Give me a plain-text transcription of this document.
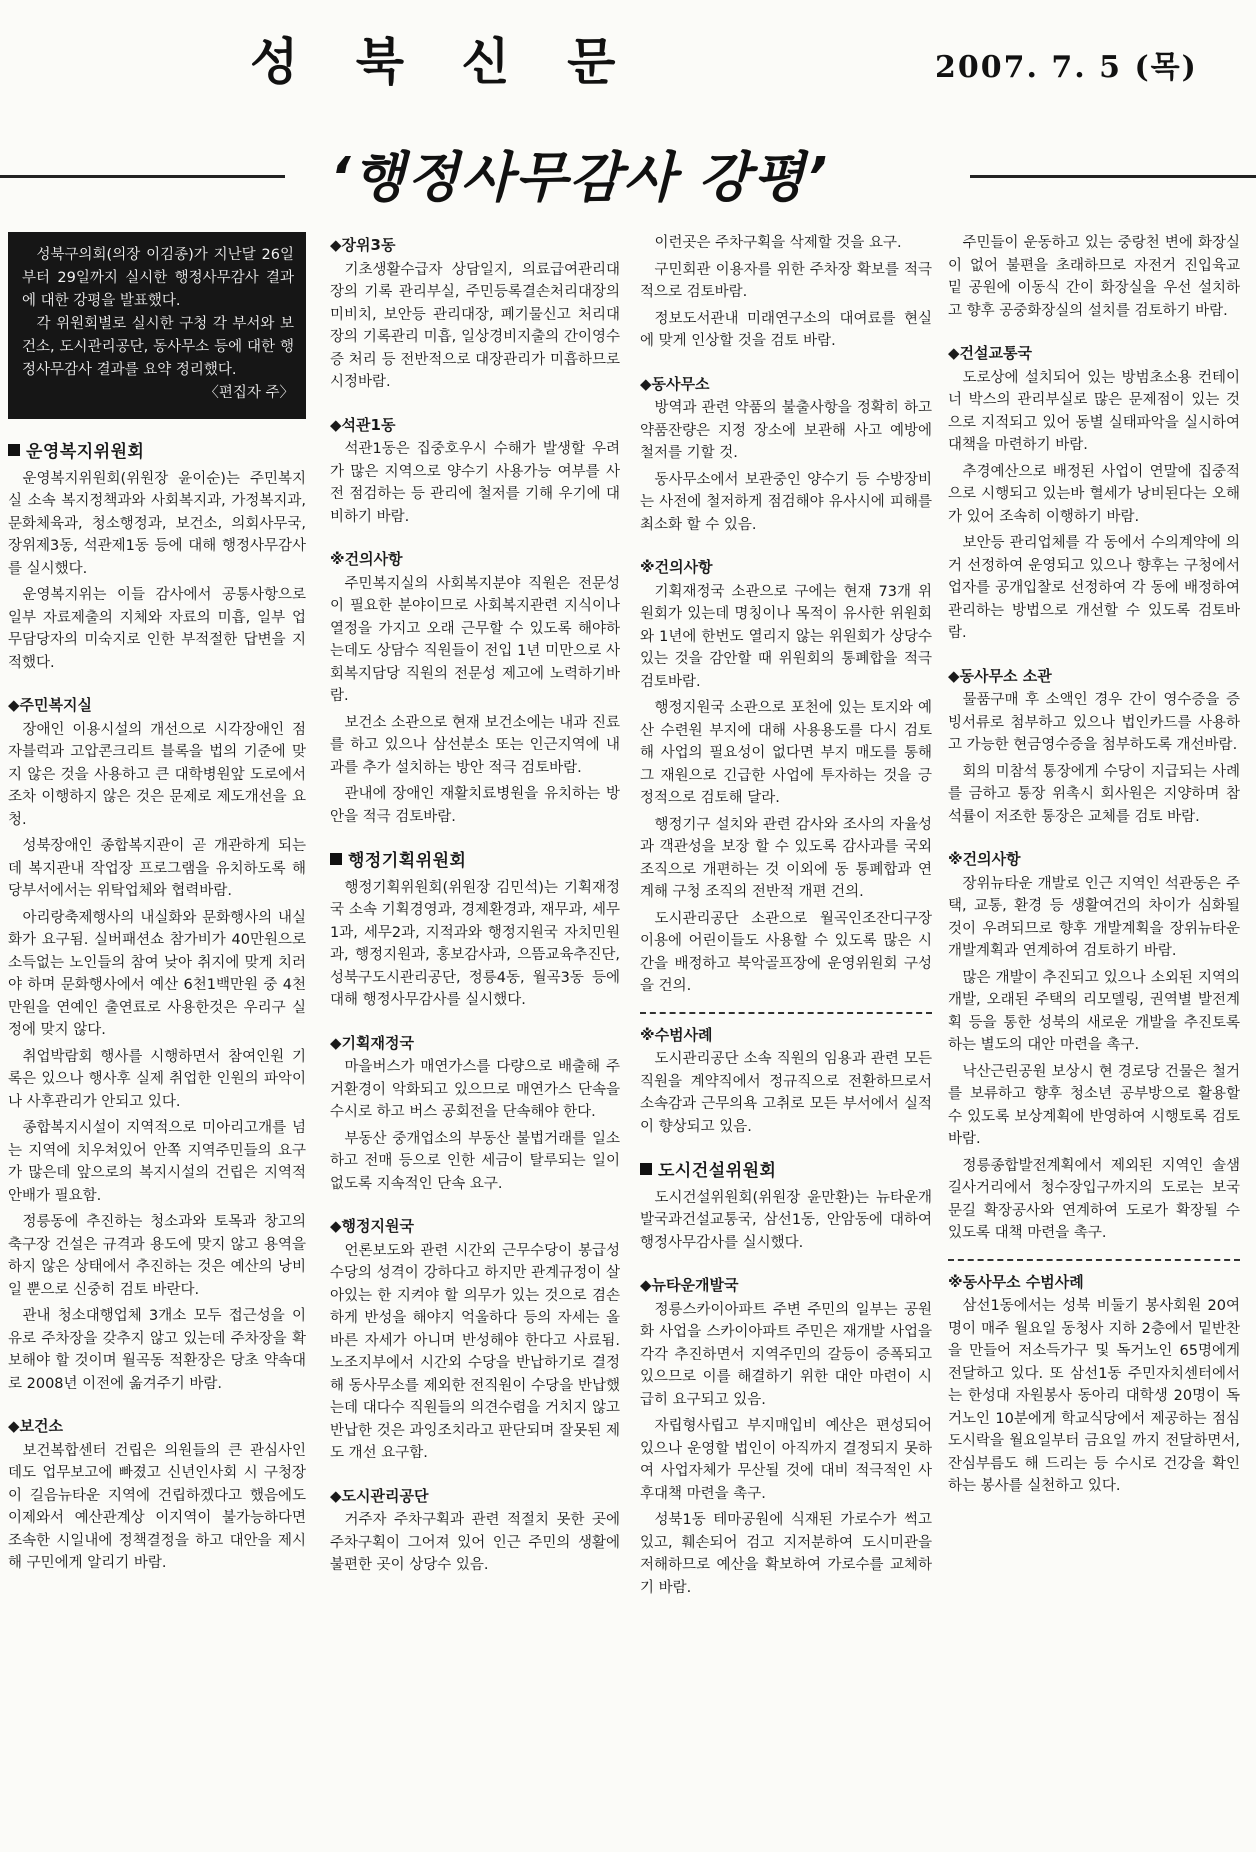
성 북 신 문	2007. 7. 5 (목)
‘행정사무감사 강평’

성북구의회(의장 이김종)가 지난달 26일부터 29일까지 실시한 행정사무감사 결과에 대한 강평을 발표했다.

각 위원회별로 실시한 구청 각 부서와 보건소, 도시관리공단, 동사무소 등에 대한 행정사무감사 결과를 요약 정리했다.

〈편집자 주〉
운영복지위원회

운영복지위원회(위원장 윤이순)는 주민복지실 소속 복지정책과와 사회복지과, 가정복지과, 문화체육과, 청소행정과, 보건소, 의회사무국, 장위제3동, 석관제1동 등에 대해 행정사무감사를 실시했다.

운영복지위는 이들 감사에서 공통사항으로 일부 자료제출의 지체와 자료의 미흡, 일부 업무담당자의 미숙지로 인한 부적절한 답변을 지적했다.

◆주민복지실

장애인 이용시설의 개선으로 시각장애인 점자블럭과 고압콘크리트 블록을 법의 기준에 맞지 않은 것을 사용하고 큰 대학병원앞 도로에서 조차 이행하지 않은 것은 문제로 제도개선을 요청.

성북장애인 종합복지관이 곧 개관하게 되는데 복지관내 작업장 프로그램을 유치하도록 해당부서에서는 위탁업체와 협력바람.

아리랑축제행사의 내실화와 문화행사의 내실화가 요구됨. 실버패션쇼 참가비가 40만원으로 소득없는 노인들의 참여 낮아 취지에 맞게 치러야 하며 문화행사에서 예산 6천1백만원 중 4천만원을 연예인 출연료로 사용한것은 우리구 실정에 맞지 않다.

취업박람회 행사를 시행하면서 참여인원 기록은 있으나 행사후 실제 취업한 인원의 파악이나 사후관리가 안되고 있다.

종합복지시설이 지역적으로 미아리고개를 넘는 지역에 치우쳐있어 안쪽 지역주민들의 요구가 많은데 앞으로의 복지시설의 건립은 지역적 안배가 필요함.

정릉동에 추진하는 청소과와 토목과 창고의 축구장 건설은 규격과 용도에 맞지 않고 용역을 하지 않은 상태에서 추진하는 것은 예산의 낭비일 뿐으로 신중히 검토 바란다.

관내 청소대행업체 3개소 모두 접근성을 이유로 주차장을 갖추지 않고 있는데 주차장을 확보해야 할 것이며 월곡동 적환장은 당초 약속대로 2008년 이전에 옮겨주기 바람.

◆보건소

보건복합센터 건립은 의원들의 큰 관심사인데도 업무보고에 빠졌고 신년인사회 시 구청장이 길음뉴타운 지역에 건립하겠다고 했음에도 이제와서 예산관계상 이지역이 불가능하다면 조속한 시일내에 정책결정을 하고 대안을 제시해 구민에게 알리기 바람.

◆장위3동

기초생활수급자 상담일지, 의료급여관리대장의 기록 관리부실, 주민등록결손처리대장의 미비치, 보안등 관리대장, 폐기물신고 처리대장의 기록관리 미흡, 일상경비지출의 간이영수증 처리 등 전반적으로 대장관리가 미흡하므로 시정바람.

◆석관1동

석관1동은 집중호우시 수해가 발생할 우려가 많은 지역으로 양수기 사용가능 여부를 사전 점검하는 등 관리에 철저를 기해 우기에 대비하기 바람.

※건의사항

주민복지실의 사회복지분야 직원은 전문성이 필요한 분야이므로 사회복지관련 지식이나 열정을 가지고 오래 근무할 수 있도록 해야하는데도 상담수 직원들이 전입 1년 미만으로 사회복지담당 직원의 전문성 제고에 노력하기바람.

보건소 소관으로 현재 보건소에는 내과 진료를 하고 있으나 삼선분소 또는 인근지역에 내과를 추가 설치하는 방안 적극 검토바람.

관내에 장애인 재활치료병원을 유치하는 방안을 적극 검토바람.

행정기획위원회

행정기획위원회(위원장 김민석)는 기획재정국 소속 기획경영과, 경제환경과, 재무과, 세무1과, 세무2과, 지적과와 행정지원국 자치민원과, 행정지원과, 홍보감사과, 으뜸교육추진단, 성북구도시관리공단, 정릉4동, 월곡3동 등에 대해 행정사무감사를 실시했다.

◆기획재정국

마을버스가 매연가스를 다량으로 배출해 주거환경이 악화되고 있으므로 매연가스 단속을 수시로 하고 버스 공회전을 단속해야 한다.

부동산 중개업소의 부동산 불법거래를 일소하고 전매 등으로 인한 세금이 탈루되는 일이 없도록 지속적인 단속 요구.

◆행정지원국

언론보도와 관련 시간외 근무수당이 봉급성 수당의 성격이 강하다고 하지만 관계규정이 살아있는 한 지켜야 할 의무가 있는 것으로 겸손하게 반성을 해야지 억울하다 등의 자세는 올바른 자세가 아니며 반성해야 한다고 사료됨. 노조지부에서 시간외 수당을 반납하기로 결정해 동사무소를 제외한 전직원이 수당을 반납했는데 대다수 직원들의 의견수렴을 거치지 않고 반납한 것은 과잉조치라고 판단되며 잘못된 제도 개선 요구함.

◆도시관리공단

거주자 주차구획과 관련 적절치 못한 곳에 주차구획이 그어져 있어 인근 주민의 생활에 불편한 곳이 상당수 있음.

이런곳은 주차구획을 삭제할 것을 요구.

구민회관 이용자를 위한 주차장 확보를 적극적으로 검토바람.

정보도서관내 미래연구소의 대여료를 현실에 맞게 인상할 것을 검토 바람.

◆동사무소

방역과 관련 약품의 불출사항을 정확히 하고 약품잔량은 지정 장소에 보관해 사고 예방에 철저를 기할 것.

동사무소에서 보관중인 양수기 등 수방장비는 사전에 철저하게 점검해야 유사시에 피해를 최소화 할 수 있음.

※건의사항

기획재정국 소관으로 구에는 현재 73개 위원회가 있는데 명칭이나 목적이 유사한 위원회와 1년에 한번도 열리지 않는 위원회가 상당수 있는 것을 감안할 때 위원회의 통폐합을 적극 검토바람.

행정지원국 소관으로 포천에 있는 토지와 예산 수련원 부지에 대해 사용용도를 다시 검토해 사업의 필요성이 없다면 부지 매도를 통해 그 재원으로 긴급한 사업에 투자하는 것을 긍정적으로 검토해 달라.

행정기구 설치와 관련 감사와 조사의 자율성과 객관성을 보장 할 수 있도록 감사과를 국외 조직으로 개편하는 것 이외에 동 통폐합과 연계해 구청 조직의 전반적 개편 건의.

도시관리공단 소관으로 월곡인조잔디구장 이용에 어린이들도 사용할 수 있도록 많은 시간을 배정하고 북악골프장에 운영위원회 구성을 건의.

※수범사례

도시관리공단 소속 직원의 임용과 관련 모든 직원을 계약직에서 정규직으로 전환하므로서 소속감과 근무의욕 고취로 모든 부서에서 실적이 향상되고 있음.

도시건설위원회

도시건설위원회(위원장 윤만환)는 뉴타운개발국과건설교통국, 삼선1동, 안암동에 대하여 행정사무감사를 실시했다.

◆뉴타운개발국

정릉스카이아파트 주변 주민의 일부는 공원화 사업을 스카이아파트 주민은 재개발 사업을 각각 추진하면서 지역주민의 갈등이 증폭되고 있으므로 이를 해결하기 위한 대안 마련이 시급히 요구되고 있음.

자립형사립고 부지매입비 예산은 편성되어 있으나 운영할 법인이 아직까지 결정되지 못하여 사업자체가 무산될 것에 대비 적극적인 사후대책 마련을 촉구.

성북1동 테마공원에 식재된 가로수가 썩고 있고, 훼손되어 검고 지저분하여 도시미관을 저해하므로 예산을 확보하여 가로수를 교체하기 바람.

주민들이 운동하고 있는 중랑천 변에 화장실이 없어 불편을 초래하므로 자전거 진입육교 밑 공원에 이동식 간이 화장실을 우선 설치하고 향후 공중화장실의 설치를 검토하기 바람.

◆건설교통국

도로상에 설치되어 있는 방범초소용 컨테이너 박스의 관리부실로 많은 문제점이 있는 것으로 지적되고 있어 동별 실태파악을 실시하여 대책을 마련하기 바람.

추경예산으로 배정된 사업이 연말에 집중적으로 시행되고 있는바 혈세가 낭비된다는 오해가 있어 조속히 이행하기 바람.

보안등 관리업체를 각 동에서 수의계약에 의거 선정하여 운영되고 있으나 향후는 구청에서 업자를 공개입찰로 선정하여 각 동에 배정하여 관리하는 방법으로 개선할 수 있도록 검토바람.

◆동사무소 소관

물품구매 후 소액인 경우 간이 영수증을 증빙서류로 첨부하고 있으나 법인카드를 사용하고 가능한 현금영수증을 첨부하도록 개선바람.

회의 미참석 통장에게 수당이 지급되는 사례를 금하고 통장 위촉시 회사원은 지양하며 참석률이 저조한 통장은 교체를 검토 바람.

※건의사항

장위뉴타운 개발로 인근 지역인 석관동은 주택, 교통, 환경 등 생활여건의 차이가 심화될 것이 우려되므로 향후 개발계획을 장위뉴타운 개발계획과 연계하여 검토하기 바람.

많은 개발이 추진되고 있으나 소외된 지역의 개발, 오래된 주택의 리모델링, 권역별 발전계획 등을 통한 성북의 새로운 개발을 추진토록 하는 별도의 대안 마련을 촉구.

낙산근린공원 보상시 현 경로당 건물은 철거를 보류하고 향후 청소년 공부방으로 활용할 수 있도록 보상계획에 반영하여 시행토록 검토바람.

정릉종합발전계획에서 제외된 지역인 솔샘길사거리에서 청수장입구까지의 도로는 보국문길 확장공사와 연계하여 도로가 확장될 수 있도록 대책 마련을 촉구.

※동사무소 수범사례

삼선1동에서는 성북 비둘기 봉사회원 20여명이 매주 월요일 동청사 지하 2층에서 밑반찬을 만들어 저소득가구 및 독거노인 65명에게 전달하고 있다. 또 삼선1동 주민자치센터에서는 한성대 자원봉사 동아리 대학생 20명이 독거노인 10분에게 학교식당에서 제공하는 점심 도시락을 월요일부터 금요일 까지 전달하면서, 잔심부름도 해 드리는 등 수시로 건강을 확인 하는 봉사를 실천하고 있다.
